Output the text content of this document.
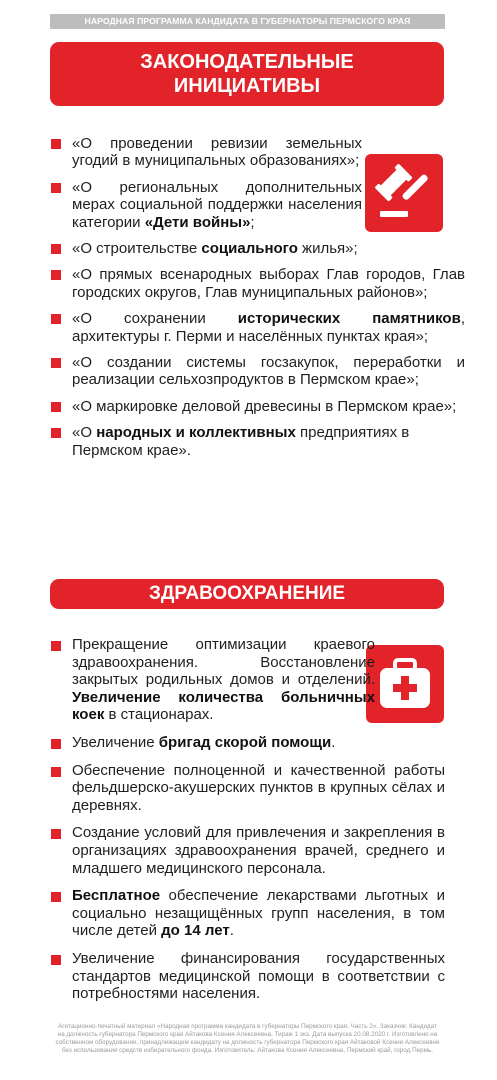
НАРОДНАЯ ПРОГРАММА КАНДИДАТА В ГУБЕРНАТОРЫ ПЕРМСКОГО КРАЯ
ЗАКОНОДАТЕЛЬНЫЕ
ИНИЦИАТИВЫ
«О проведении ревизии земельных угодий в муниципальных образованиях»;
«О региональных дополнительных мерах социальной поддержки населения категории «Дети войны»;
«О строительстве социального жилья»;
«О прямых всенародных выборах Глав городов, Глав городских округов, Глав муниципальных районов»;
«О сохранении исторических памятников, архитектуры г. Перми и населённых пунктах края»;
«О создании системы госзакупок, переработки и реализации сельхозпродуктов в Пермском крае»;
«О маркировке деловой древесины в Пермском крае»;
«О народных и коллективных предприятиях в Пермском крае».
ЗДРАВООХРАНЕНИЕ
Прекращение оптимизации краевого здравоохранения. Восстановление закрытых родильных домов и отделений. Увеличение количества больничных коек в стационарах.
Увеличение бригад скорой помощи.
Обеспечение полноценной и качественной работы фельдшерско-акушерских пунктов в крупных сёлах и деревнях.
Создание условий для привлечения и закрепления в организациях здравоохранения врачей, среднего и младшего медицинского персонала.
Бесплатное обеспечение лекарствами льготных и социально незащищённых групп населения, в том числе детей до 14 лет.
Увеличение финансирования государственных стандартов медицинской помощи в соответствии с потребностями населения.
Агитационно-печатный материал «Народная программа кандидата в губернаторы Пермского края. Часть 2». Заказчик: Кандидат
на должность губернатора Пермского края Айтакова Ксения Алексеевна. Тираж 1 экз. Дата выпуска 20.08.2020 г. Изготовлено на
собственном оборудовании, принадлежащем кандидату на должность губернатора Пермского края Айтаковой Ксении Алексеевне
без использования средств избирательного фонда. Изготовитель: Айтакова Ксения Алексеевна, Пермский край, город Пермь.
